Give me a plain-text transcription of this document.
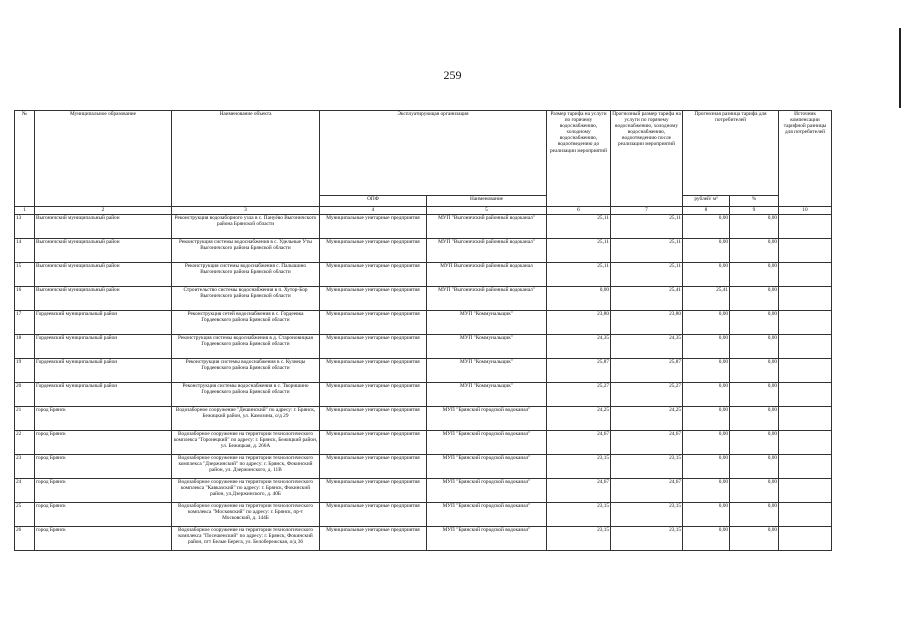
259
№	Муниципальное образование	Наименование объекта	Эксплуатирующая организация		Размер тарифа на услуги по горячему водоснабжению, холодному водоснабжению, водоотведению до реализации мероприятий	Прогнозный размер тарифа на услуги по горячему водоснабжению, холодному водоснабжению, водоотведению после реализации мероприятий	Прогнозная разница тарифа для потребителей		Источник компенсации тарифной разницы для потребителей
			ОПФ	Наименование			рублей/ м³	%	
1	2	3	4	5	6	7	8	9	10
13	Выгоничский муниципальный район	Реконструкция водозаборного узла в с. Пануёво Выгоничского района Брянской области	Муниципальные унитарные предприятия	МУП "Выгоничский районный водоканал"	25,11	25,11	0,00	0,00	
14	Выгоничский муниципальный район	Реконструкция системы водоснабжения в с. Удельные Уты Выгоничского района Брянской области	Муниципальные унитарные предприятия	МУП "Выгоничский районный водоканал"	25,11	25,11	0,00	0,00	
15	Выгоничский муниципальный район	Реконструкция системы водоснабжения с. Палышино Выгоничского района Брянской области	Муниципальные унитарные предприятия	МУП Выгоничский районный водоканал	25,11	25,11	0,00	0,00	
16	Выгоничский муниципальный район	Строительство системы водоснабжения в п. Хутор-Бор Выгоничского района Брянской области	Муниципальные унитарные предприятия	МУП "Выгоничский районный водоканал"	0,00	25,41	25,41	0,00	
17	Гордеевский муниципальный район	Реконструкция сетей водоснабжения в с. Гордеевка Гордеевского района Брянской области	Муниципальные унитарные предприятия	МУП "Коммунальщик"	23,80	23,80	0,00	0,00	
18	Гордеевский муниципальный район	Реконструкция системы водоснабжения в д. Староновицкая Гордеевского района Брянской области	Муниципальные унитарные предприятия	МУП "Коммунальщик"	24,35	24,35	0,00	0,00	
19	Гордеевский муниципальный район	Реконструкция системы водоснабжения в с. Кузнецы Гордеевского района Брянской области	Муниципальные унитарные предприятия	МУП "Коммунальщик"	25,87	25,87	0,00	0,00	
20	Гордеевский муниципальный район	Реконструкция системы водоснабжения в с. Творишино Гордеевского района Брянской области	Муниципальные унитарные предприятия	МУП "Коммунальщик"	25,27	25,27	0,00	0,00	
21	город Брянск	Водозаборное сооружение "Дешинский" по адресу: г. Брянск, Бежицкий район, ул. Камозина, о/д 29	Муниципальные унитарные предприятия	МУП "Брянский городской водоканал"	24,25	24,25	0,00	0,00	
22	город Брянск	Водозаборное сооружение на территории технологического комплекса "Горонецкий" по адресу: г. Брянск, Бежицкий район, ул. Бежицкая, д. 266А	Муниципальные унитарные предприятия	МУП "Брянский городской водоканал"	24,67	24,67	0,00	0,00	
23	город Брянск	Водозаборное сооружение на территории технологического комплекса "Дзержинский" по адресу: г. Брянск, Фокинский район, ул. Дзержинского, д. 11В	Муниципальные унитарные предприятия	МУП "Брянский городской водоканал"	23,15	23,15	0,00	0,00	
24	город Брянск	Водозаборное сооружение на территории технологического комплекса "Кавказский" по адресу: г. Брянск, Фокинский район, ул.Дзержинского, д. 40Б	Муниципальные унитарные предприятия	МУП "Брянский городской водоканал"	24,67	24,67	0,00	0,00	
25	город Брянск	Водозаборное сооружение на территории технологического комплекса "Московский" по адресу: г. Брянск, пр-т Московский, д. 144Б	Муниципальные унитарные предприятия	МУП "Брянский городской водоканал"	23,15	23,15	0,00	0,00	
26	город Брянск	Водозаборное сооружение на территории технологического комплекса "Посешенский" по адресу: г. Брянск, Фокинский район, пгт Белые Берега, ул. Белобережская, о/д 36	Муниципальные унитарные предприятия	МУП "Брянский городской водоканал"	23,15	23,15	0,00	0,00	
